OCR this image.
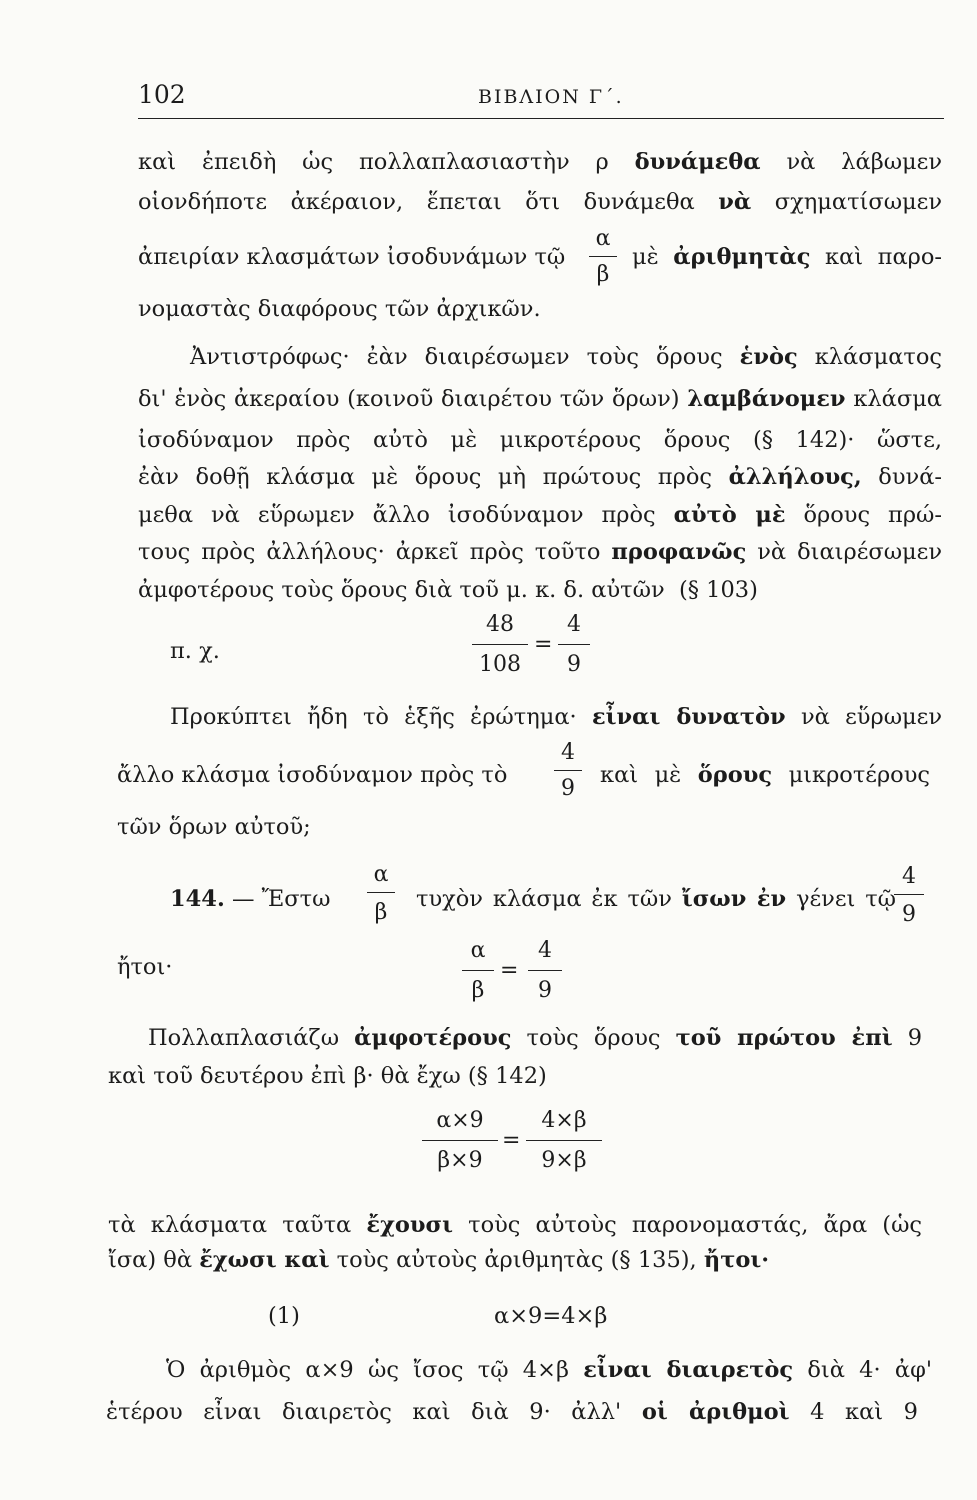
102	ΒΙΒΛΙΟΝ Γ΄.
καὶ ἐπειδὴ ὡς πολλαπλασιαστὴν ρ δυνάμεθα νὰ λάβωμεν
οἱονδήποτε ἀκέραιον, ἕπεται ὅτι δυνάμεθα νὰ σχηματίσωμεν
ἀπειρίαν κλασμάτων ἰσοδυνάμων τῷ
α
β
μὲ ἀριθμητὰς καὶ παρο-
νομαστὰς διαφόρους τῶν ἀρχικῶν.
Ἀντιστρόφως· ἐὰν διαιρέσωμεν τοὺς ὅρους ἑνὸς κλάσματος
δι' ἑνὸς ἀκεραίου (κοινοῦ διαιρέτου τῶν ὅρων) λαμβάνομεν κλάσμα
ἰσοδύναμον πρὸς αὐτὸ μὲ μικροτέρους ὅρους (§ 142)· ὥστε,
ἐὰν δοθῇ κλάσμα μὲ ὅρους μὴ πρώτους πρὸς ἀλλήλους, δυνά-
μεθα νὰ εὕρωμεν ἄλλο ἰσοδύναμον πρὸς αὐτὸ μὲ ὅρους πρώ-
τους πρὸς ἀλλήλους· ἀρκεῖ πρὸς τοῦτο προφανῶς νὰ διαιρέσωμεν
ἀμφοτέρους τοὺς ὅρους διὰ τοῦ μ. κ. δ. αὐτῶν (§ 103)
π. χ.
48
108
=
4
9
Προκύπτει ἤδη τὸ ἑξῆς ἐρώτημα· εἶναι δυνατὸν νὰ εὕρωμεν
ἄλλο κλάσμα ἰσοδύναμον πρὸς τὸ
4
9
καὶ μὲ ὅρους μικροτέρους
τῶν ὅρων αὐτοῦ;
144. — Ἔστω
α
β
τυχὸν κλάσμα ἐκ τῶν ἴσων ἐν γένει τῷ
4
9
ἤτοι·
α
β
=
4
9
Πολλαπλασιάζω ἀμφοτέρους τοὺς ὅρους τοῦ πρώτου ἐπὶ 9
καὶ τοῦ δευτέρου ἐπὶ β· θὰ ἔχω (§ 142)
α×9
β×9
=
4×β
9×β
τὰ κλάσματα ταῦτα ἔχουσι τοὺς αὐτοὺς παρονομαστάς, ἄρα (ὡς
ἴσα) θὰ ἔχωσι καὶ τοὺς αὐτοὺς ἀριθμητὰς (§ 135), ἤτοι·
(1)	α×9=4×β
Ὁ ἀριθμὸς α×9 ὡς ἴσος τῷ 4×β εἶναι διαιρετὸς διὰ 4· ἀφ'
ἑτέρου εἶναι διαιρετὸς καὶ διὰ 9· ἀλλ' οἱ ἀριθμοὶ 4 καὶ 9
